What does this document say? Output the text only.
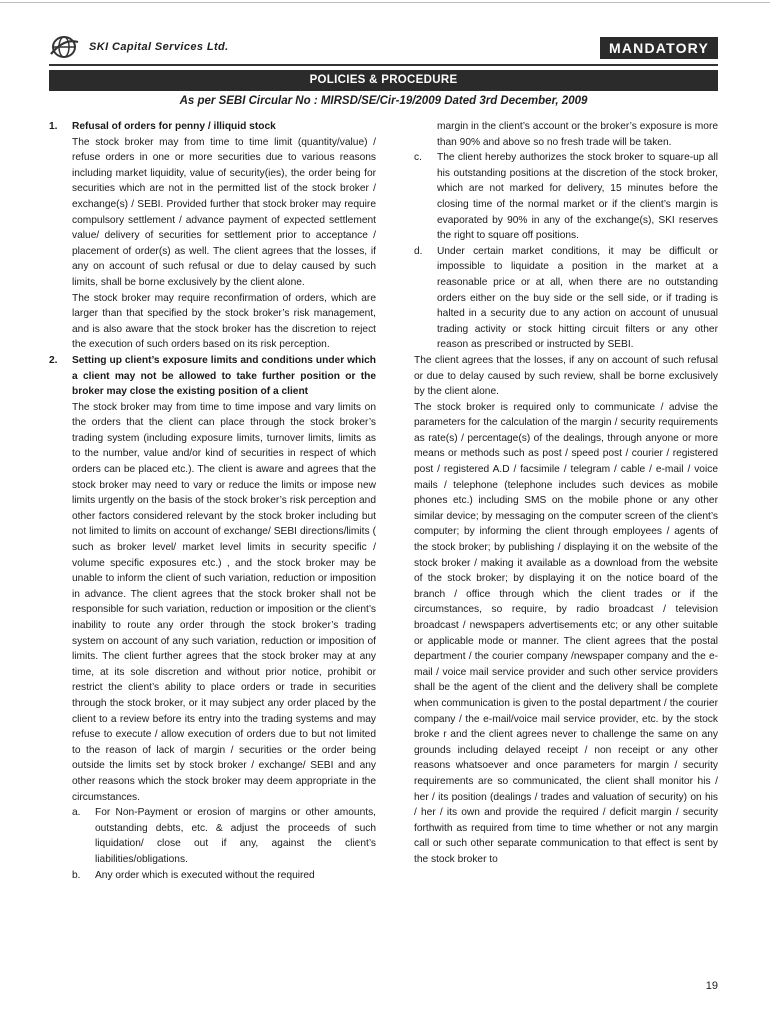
SKI Capital Services Ltd.	MANDATORY
POLICIES & PROCEDURE
As per SEBI Circular No : MIRSD/SE/Cir-19/2009 Dated 3rd December, 2009
1. Refusal of orders for penny / illiquid stock

The stock broker may from time to time limit (quantity/value) / refuse orders in one or more securities due to various reasons including market liquidity, value of security(ies), the order being for securities which are not in the permitted list of the stock broker / exchange(s) / SEBI. Provided further that stock broker may require compulsory settlement / advance payment of expected settlement value/ delivery of securities for settlement prior to acceptance / placement of order(s) as well. The client agrees that the losses, if any on account of such refusal or due to delay caused by such limits, shall be borne exclusively by the client alone.

The stock broker may require reconfirmation of orders, which are larger than that specified by the stock broker’s risk management, and is also aware that the stock broker has the discretion to reject the execution of such orders based on its risk perception.

2. Setting up client’s exposure limits and conditions under which a client may not be allowed to take further position or the broker may close the existing position of a client

The stock broker may from time to time impose and vary limits on the orders that the client can place through the stock broker’s trading system (including exposure limits, turnover limits, limits as to the number, value and/or kind of securities in respect of which orders can be placed etc.). The client is aware and agrees that the stock broker may need to vary or reduce the limits or impose new limits urgently on the basis of the stock broker’s risk perception and other factors considered relevant by the stock broker including but not limited to limits on account of exchange/ SEBI directions/limits ( such as broker level/ market level limits in security specific / volume specific exposures etc.) , and the stock broker may be unable to inform the client of such variation, reduction or imposition in advance. The client agrees that the stock broker shall not be responsible for such variation, reduction or imposition or the client’s inability to route any order through the stock broker’s trading system on account of any such variation, reduction or imposition of limits. The client further agrees that the stock broker may at any time, at its sole discretion and without prior notice, prohibit or restrict the client’s ability to place orders or trade in securities through the stock broker, or it may subject any order placed by the client to a review before its entry into the trading systems and may refuse to execute / allow execution of orders due to but not limited to the reason of lack of margin / securities or the order being outside the limits set by stock broker / exchange/ SEBI and any other reasons which the stock broker may deem appropriate in the circumstances.

a. For Non-Payment or erosion of margins or other amounts, outstanding debts, etc. & adjust the proceeds of such liquidation/ close out if any, against the client’s liabilities/obligations.

b. Any order which is executed without the required

margin in the client’s account or the broker’s exposure is more than 90% and above so no fresh trade will be taken.

c. The client hereby authorizes the stock broker to square-up all his outstanding positions at the discretion of the stock broker, which are not marked for delivery, 15 minutes before the closing time of the normal market or if the client’s margin is evaporated by 90% in any of the exchange(s), SKI reserves the right to square off positions.

d. Under certain market conditions, it may be difficult or impossible to liquidate a position in the market at a reasonable price or at all, when there are no outstanding orders either on the buy side or the sell side, or if trading is halted in a security due to any action on account of unusual trading activity or stock hitting circuit filters or any other reason as prescribed or instructed by SEBI.

The client agrees that the losses, if any on account of such refusal or due to delay caused by such review, shall be borne exclusively by the client alone.

The stock broker is required only to communicate / advise the parameters for the calculation of the margin / security requirements as rate(s) / percentage(s) of the dealings, through anyone or more means or methods such as post / speed post / courier / registered post / registered A.D / facsimile / telegram / cable / e-mail / voice mails / telephone (telephone includes such devices as mobile phones etc.) including SMS on the mobile phone or any other similar device; by messaging on the computer screen of the client’s computer; by informing the client through employees / agents of the stock broker; by publishing / displaying it on the website of the stock broker / making it available as a download from the website of the stock broker; by displaying it on the notice board of the branch / office through which the client trades or if the circumstances, so require, by radio broadcast / television broadcast / newspapers advertisements etc; or any other suitable or applicable mode or manner. The client agrees that the postal department / the courier company /newspaper company and the e-mail / voice mail service provider and such other service providers shall be the agent of the client and the delivery shall be complete when communication is given to the postal department / the courier company / the e-mail/voice mail service provider, etc. by the stock broke r and the client agrees never to challenge the same on any grounds including delayed receipt / non receipt or any other reasons whatsoever and once parameters for margin / security requirements are so communicated, the client shall monitor his / her / its position (dealings / trades and valuation of security) on his / her / its own and provide the required / deficit margin / security forthwith as required from time to time whether or not any margin call or such other separate communication to that effect is sent by the stock broker to

19
